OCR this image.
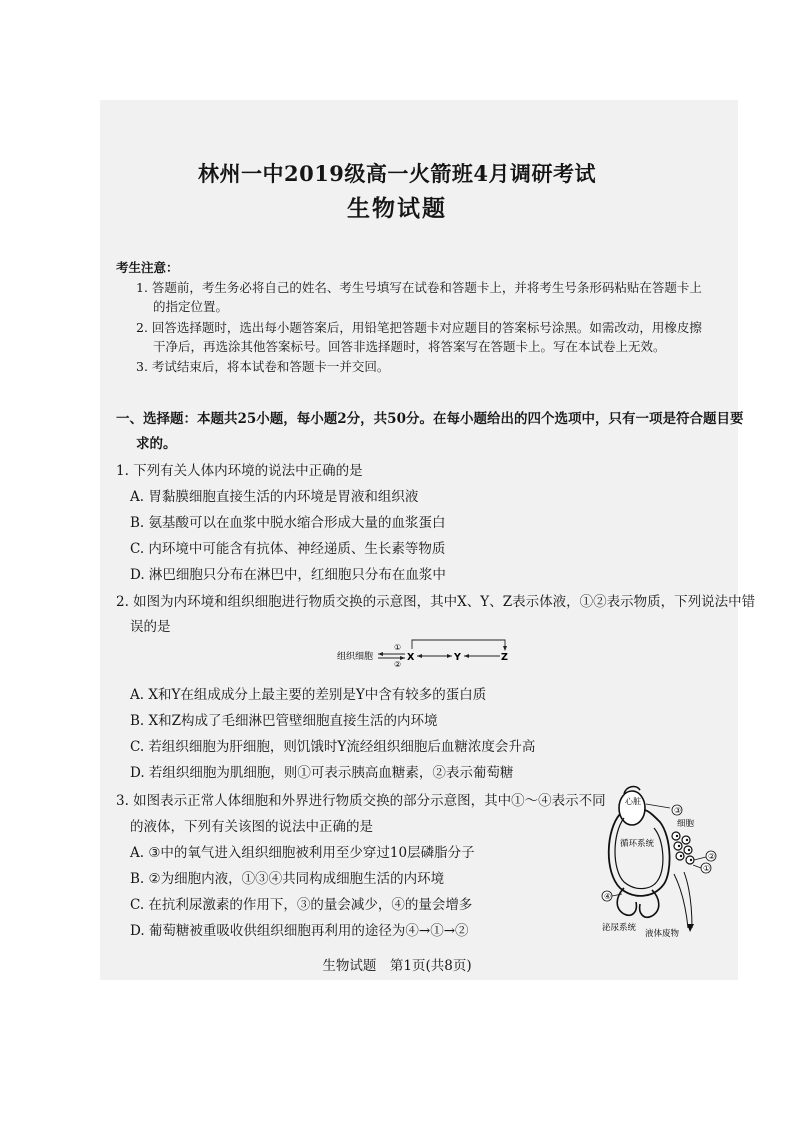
林州一中2019级高一火箭班4月调研考试
生物试题
考生注意：
1. 答题前，考生务必将自己的姓名、考生号填写在试卷和答题卡上，并将考生号条形码粘贴在答题卡上
的指定位置。
2. 回答选择题时，选出每小题答案后，用铅笔把答题卡对应题目的答案标号涂黑。如需改动，用橡皮擦
干净后，再选涂其他答案标号。回答非选择题时，将答案写在答题卡上。写在本试卷上无效。
3. 考试结束后，将本试卷和答题卡一并交回。
一、选择题：本题共25小题，每小题2分，共50分。在每小题给出的四个选项中，只有一项是符合题目要
求的。
1. 下列有关人体内环境的说法中正确的是
A. 胃黏膜细胞直接生活的内环境是胃液和组织液
B. 氨基酸可以在血浆中脱水缩合形成大量的血浆蛋白
C. 内环境中可能含有抗体、神经递质、生长素等物质
D. 淋巴细胞只分布在淋巴中，红细胞只分布在血浆中
2. 如图为内环境和组织细胞进行物质交换的示意图，其中X、Y、Z表示体液，①②表示物质，下列说法中错
误的是
组织细胞
①
②
X	Y	Z
A. X和Y在组成成分上最主要的差别是Y中含有较多的蛋白质
B. X和Z构成了毛细淋巴管壁细胞直接生活的内环境
C. 若组织细胞为肝细胞，则饥饿时Y流经组织细胞后血糖浓度会升高
D. 若组织细胞为肌细胞，则①可表示胰高血糖素，②表示葡萄糖
3. 如图表示正常人体细胞和外界进行物质交换的部分示意图，其中①～④表示不同
的液体，下列有关该图的说法中正确的是
A. ③中的氧气进入组织细胞被利用至少穿过10层磷脂分子
B. ②为细胞内液，①③④共同构成细胞生活的内环境
C. 在抗利尿激素的作用下，③的量会减少，④的量会增多
D. 葡萄糖被重吸收供组织细胞再利用的途径为④→①→②
心脏
循环系统
③
细胞
②
①
④
泌尿系统
液体废物
生物试题　第1页(共8页)
